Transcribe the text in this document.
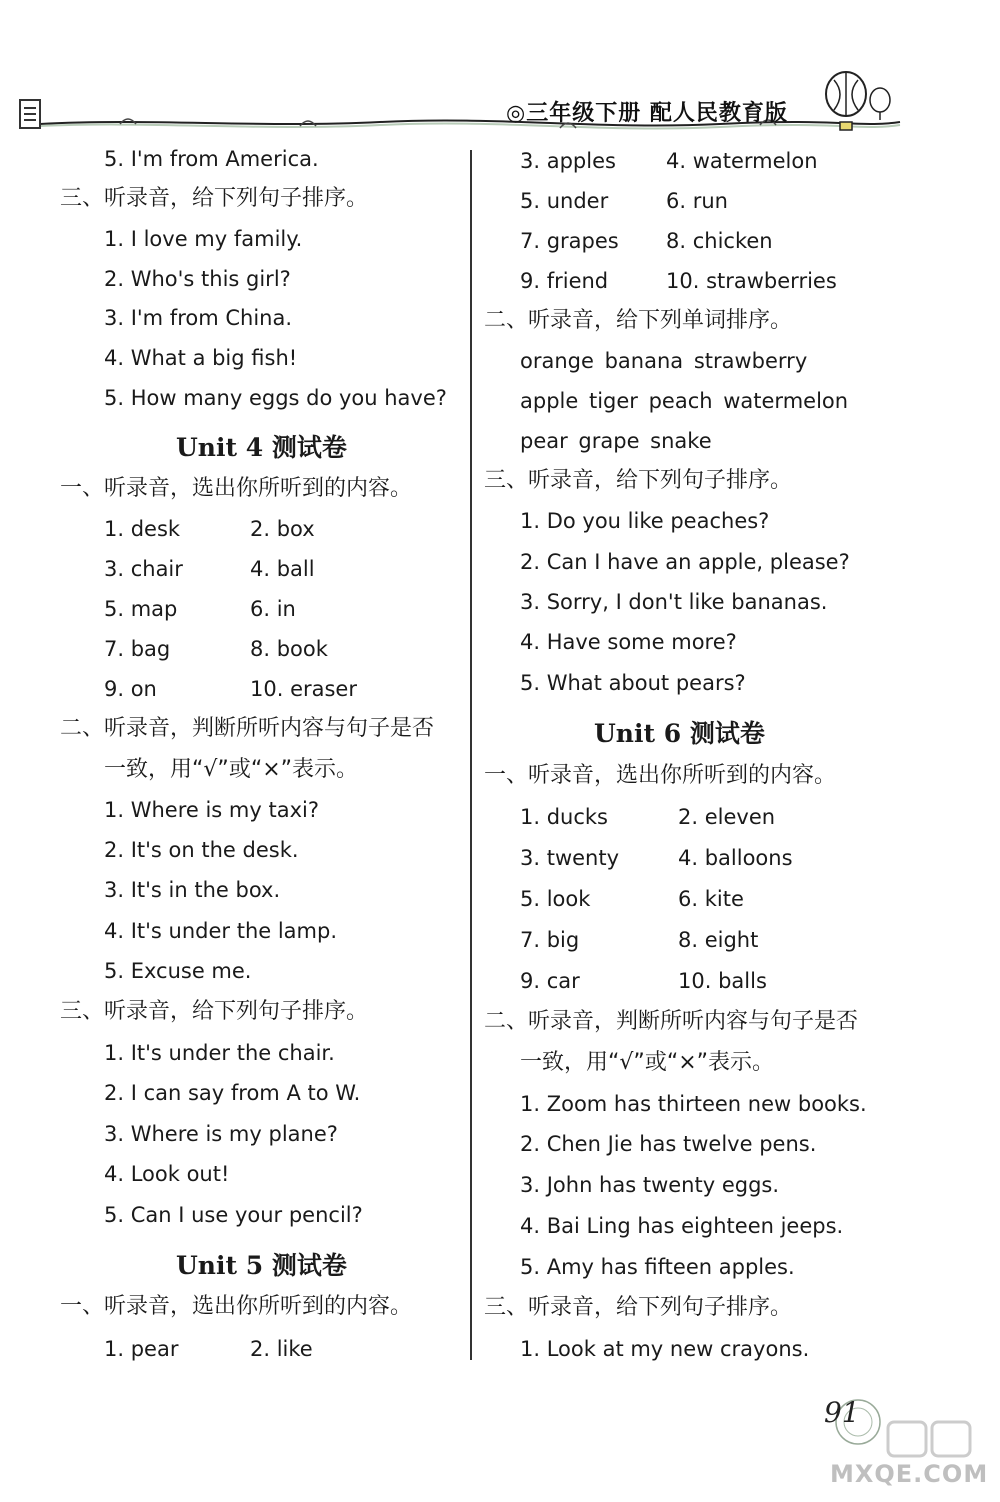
◎三年级下册 配人民教育版
5. I'm from America.
三、听录音，给下列句子排序。
1. I love my family.
2. Who's this girl?
3. I'm from China.
4. What a big fish!
5. How many eggs do you have?
Unit 4 测试卷
一、听录音，选出你所听到的内容。
1. desk	2. box
3. chair	4. ball
5. map	6. in
7. bag	8. book
9. on	10. eraser
二、听录音，判断所听内容与句子是否
一致，用“√”或“×”表示。
1. Where is my taxi?
2. It's on the desk.
3. It's in the box.
4. It's under the lamp.
5. Excuse me.
三、听录音，给下列句子排序。
1. It's under the chair.
2. I can say from A to W.
3. Where is my plane?
4. Look out!
5. Can I use your pencil?
Unit 5 测试卷
一、听录音，选出你所听到的内容。
1. pear	2. like
3. apples 4. watermelon
5. under	6. run
7. grapes 8. chicken
9. friend	10. strawberries
二、听录音，给下列单词排序。
orange banana strawberry
apple tiger peach watermelon
pear grape snake
三、听录音，给下列句子排序。
1. Do you like peaches?
2. Can I have an apple, please?
3. Sorry, I don't like bananas.
4. Have some more?
5. What about pears?
Unit 6 测试卷
一、听录音，选出你所听到的内容。
1. ducks	2. eleven
3. twenty	4. balloons
5. look	6. kite
7. big	8. eight
9. car	10. balls
二、听录音，判断所听内容与句子是否
一致，用“√”或“×”表示。
1. Zoom has thirteen new books.
2. Chen Jie has twelve pens.
3. John has twenty eggs.
4. Bai Ling has eighteen jeeps.
5. Amy has fifteen apples.
三、听录音，给下列句子排序。
1. Look at my new crayons.
91
MXQE.COM
